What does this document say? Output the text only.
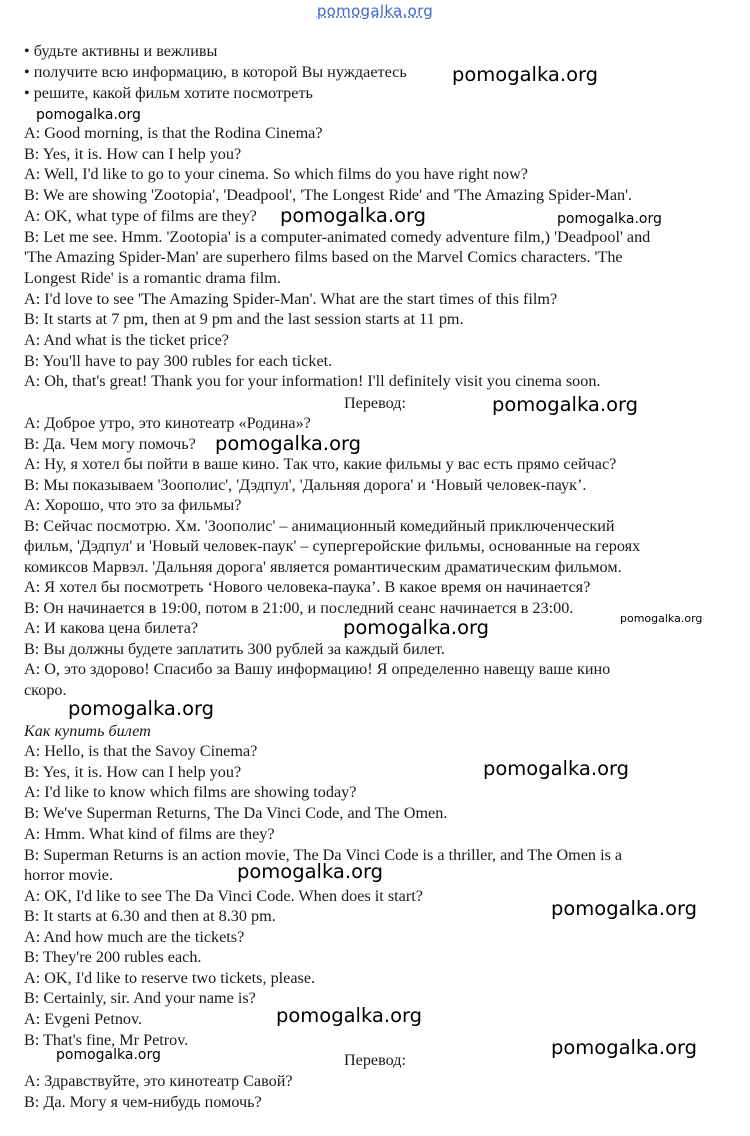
pomogalka.org
• будьте активны и вежливы
• получите всю информацию, в которой Вы нуждаетесь
• решите, какой фильм хотите посмотреть
A: Good morning, is that the Rodina Cinema?
B: Yes, it is. How can I help you?
A: Well, I'd like to go to your cinema. So which films do you have right now?
B: We are showing 'Zootopia', 'Deadpool', 'The Longest Ride' and 'The Amazing Spider-Man'.
A: OK, what type of films are they?
B: Let me see. Hmm. 'Zootopia' is a computer-animated comedy adventure film,) 'Deadpool' and
'The Amazing Spider-Man' are superhero films based on the Marvel Comics characters. 'The
Longest Ride' is a romantic drama film.
A: I'd love to see 'The Amazing Spider-Man'. What are the start times of this film?
B: It starts at 7 pm, then at 9 pm and the last session starts at 11 pm.
A: And what is the ticket price?
B: You'll have to pay 300 rubles for each ticket.
A: Oh, that's great! Thank you for your information! I'll definitely visit you cinema soon.
Перевод:
А: Доброе утро, это кинотеатр «Родина»?
В: Да. Чем могу помочь?
А: Ну, я хотел бы пойти в ваше кино. Так что, какие фильмы у вас есть прямо сейчас?
В: Мы показываем 'Зоополис', 'Дэдпул', 'Дальняя дорога' и ‘Новый человек-паук’.
А: Хорошо, что это за фильмы?
В: Сейчас посмотрю. Хм. 'Зоополис' – анимационный комедийный приключенческий
фильм, 'Дэдпул' и 'Новый человек-паук' – супергеройские фильмы, основанные на героях
комиксов Марвэл. 'Дальняя дорога' является романтическим драматическим фильмом.
А: Я хотел бы посмотреть ‘Нового человека-паука’. В какое время он начинается?
В: Он начинается в 19:00, потом в 21:00, и последний сеанс начинается в 23:00.
А: И какова цена билета?
В: Вы должны будете заплатить 300 рублей за каждый билет.
А: О, это здорово! Спасибо за Вашу информацию! Я определенно навещу ваше кино
скоро.
Как купить билет
A: Hello, is that the Savoy Cinema?
B: Yes, it is. How can I help you?
A: I'd like to know which films are showing today?
B: We've Superman Returns, The Da Vinci Code, and The Omen.
A: Hmm. What kind of films are they?
B: Superman Returns is an action movie, The Da Vinci Code is a thriller, and The Omen is a
horror movie.
A: OK, I'd like to see The Da Vinci Code. When does it start?
B: It starts at 6.30 and then at 8.30 pm.
A: And how much are the tickets?
B: They're 200 rubles each.
A: OK, I'd like to reserve two tickets, please.
B: Certainly, sir. And your name is?
A: Evgeni Petnov.
B: That's fine, Mr Petrov.
Перевод:
А: Здравствуйте, это кинотеатр Савой?
В: Да. Могу я чем-нибудь помочь?
pomogalka.org
pomogalka.org
pomogalka.org	pomogalka.org
pomogalka.org
pomogalka.org
pomogalka.org
pomogalka.org
pomogalka.org
pomogalka.org
pomogalka.org
pomogalka.org
pomogalka.org
pomogalka.org	pomogalka.org
